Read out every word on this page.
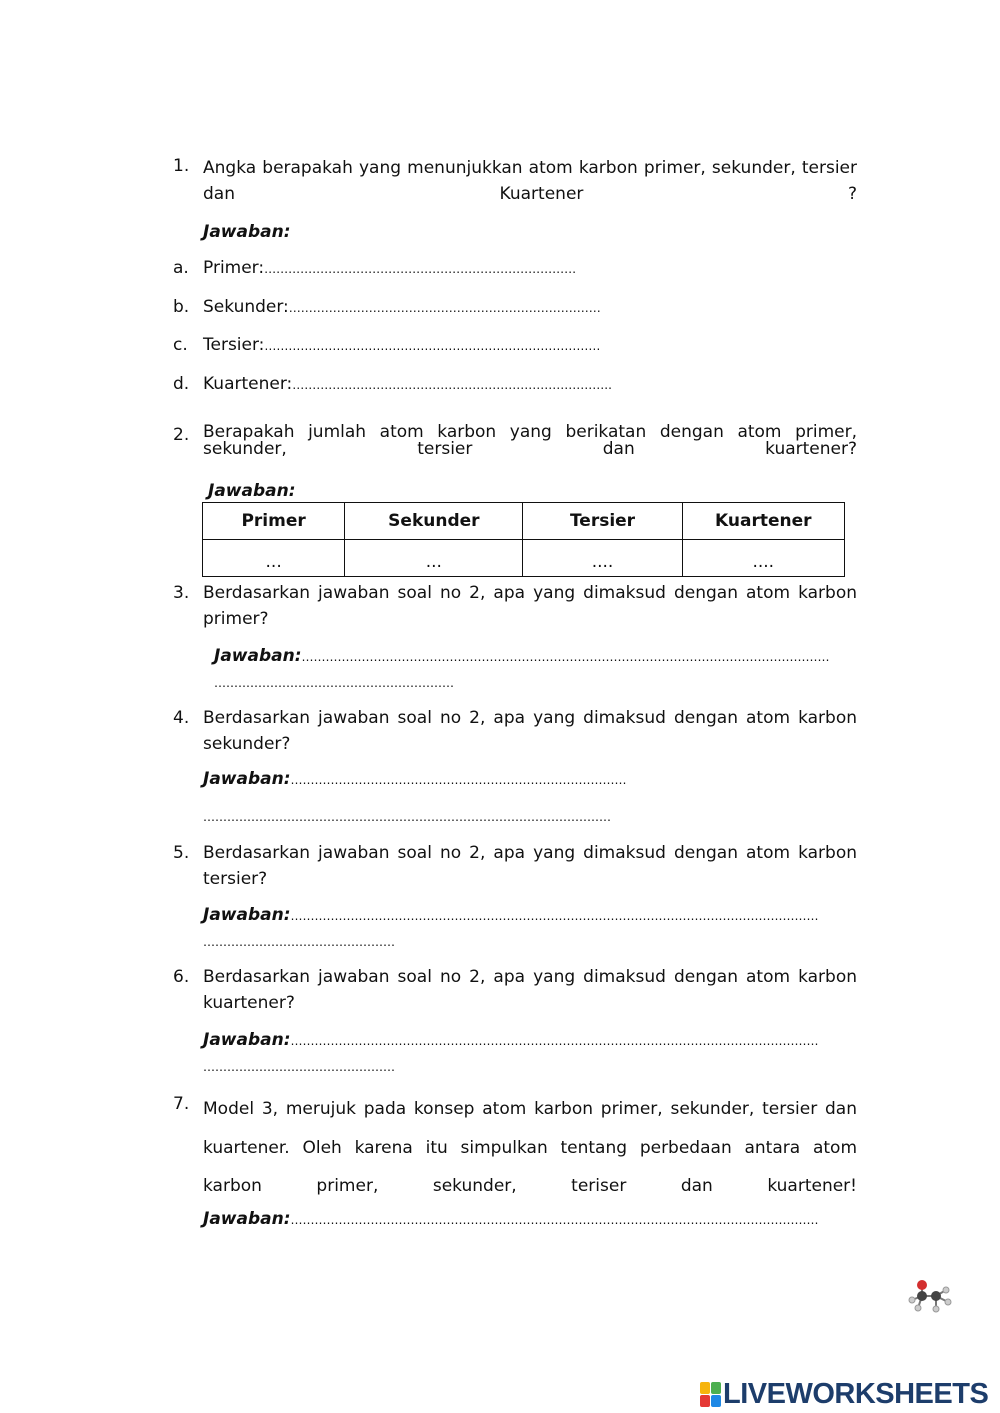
1. Angka berapakah yang menunjukkan atom karbon primer, sekunder, tersier dan Kuartener ?
Jawaban:
a. Primer:……………………………………………………………………
b. Sekunder:……………………………………………………………………
c. Tersier:…………………………………………………………………………
d. Kuartener:……………………………………………………………………..
2. Berapakah jumlah atom karbon yang berikatan dengan atom primer, sekunder, tersier dan kuartener?
Jawaban:
Primer	Sekunder	Tersier	Kuartener
...	...	....	....
3. Berdasarkan jawaban soal no 2, apa yang dimaksud dengan atom karbon primer?
Jawaban:……………………………………………………………………………………………………………………
……………………………………………………
4. Berdasarkan jawaban soal no 2, apa yang dimaksud dengan atom karbon sekunder?
Jawaban:…………………………………………………………………………
…………………………………………………………………………………………
5. Berdasarkan jawaban soal no 2, apa yang dimaksud dengan atom karbon tersier?
Jawaban:……………………………………………………………………………………………………………………
…………………………………………
6. Berdasarkan jawaban soal no 2, apa yang dimaksud dengan atom karbon kuartener?
Jawaban:……………………………………………………………………………………………………………………
…………………………………………
7. Model 3, merujuk pada konsep atom karbon primer, sekunder, tersier dan kuartener. Oleh karena itu simpulkan tentang perbedaan antara atom karbon primer, sekunder, teriser dan kuartener!
Jawaban:……………………………………………………………………………………………………………………
LIVEWORKSHEETS
